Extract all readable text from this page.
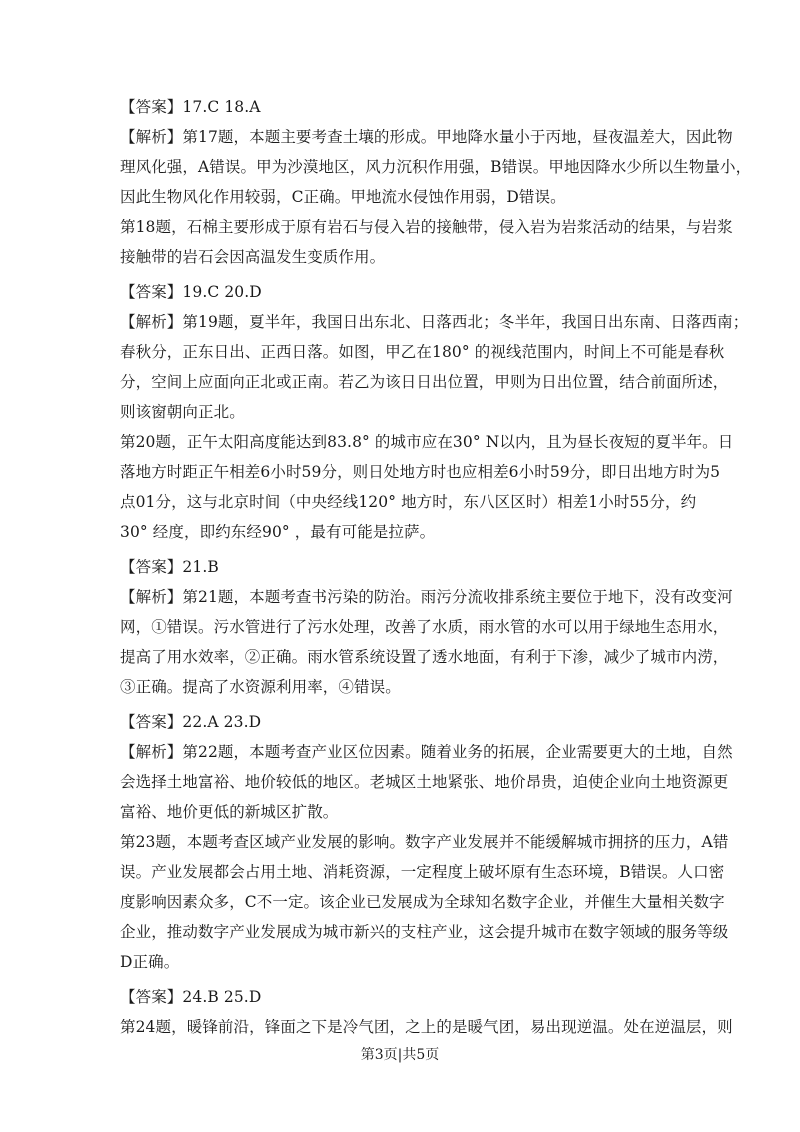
【答案】17.C 18.A
【解析】第17题，本题主要考查土壤的形成。甲地降水量小于丙地，昼夜温差大，因此物
理风化强，A错误。甲为沙漠地区，风力沉积作用强，B错误。甲地因降水少所以生物量小，
因此生物风化作用较弱，C正确。甲地流水侵蚀作用弱，D错误。
第18题，石棉主要形成于原有岩石与侵入岩的接触带，侵入岩为岩浆活动的结果，与岩浆
接触带的岩石会因高温发生变质作用。
【答案】19.C 20.D
【解析】第19题，夏半年，我国日出东北、日落西北；冬半年，我国日出东南、日落西南；
春秋分，正东日出、正西日落。如图，甲乙在180° 的视线范围内，时间上不可能是春秋
分，空间上应面向正北或正南。若乙为该日日出位置，甲则为日出位置，结合前面所述，
则该窗朝向正北。
第20题，正午太阳高度能达到83.8° 的城市应在30° N以内，且为昼长夜短的夏半年。日
落地方时距正午相差6小时59分，则日处地方时也应相差6小时59分，即日出地方时为5
点01分，这与北京时间（中央经线120° 地方时，东八区区时）相差1小时55分，约
30° 经度，即约东经90° ，最有可能是拉萨。
【答案】21.B
【解析】第21题，本题考查书污染的防治。雨污分流收排系统主要位于地下，没有改变河
网，①错误。污水管进行了污水处理，改善了水质，雨水管的水可以用于绿地生态用水，
提高了用水效率，②正确。雨水管系统设置了透水地面，有利于下渗，减少了城市内涝，
③正确。提高了水资源利用率，④错误。
【答案】22.A 23.D
【解析】第22题，本题考查产业区位因素。随着业务的拓展，企业需要更大的土地，自然
会选择土地富裕、地价较低的地区。老城区土地紧张、地价昂贵，迫使企业向土地资源更
富裕、地价更低的新城区扩散。
第23题，本题考查区域产业发展的影响。数字产业发展并不能缓解城市拥挤的压力，A错
误。产业发展都会占用土地、消耗资源，一定程度上破坏原有生态环境，B错误。人口密
度影响因素众多，C不一定。该企业已发展成为全球知名数字企业，并催生大量相关数字
企业，推动数字产业发展成为城市新兴的支柱产业，这会提升城市在数字领域的服务等级
D正确。
【答案】24.B 25.D
第24题，暖锋前沿，锋面之下是冷气团，之上的是暖气团，易出现逆温。处在逆温层，则
第3页|共5页
